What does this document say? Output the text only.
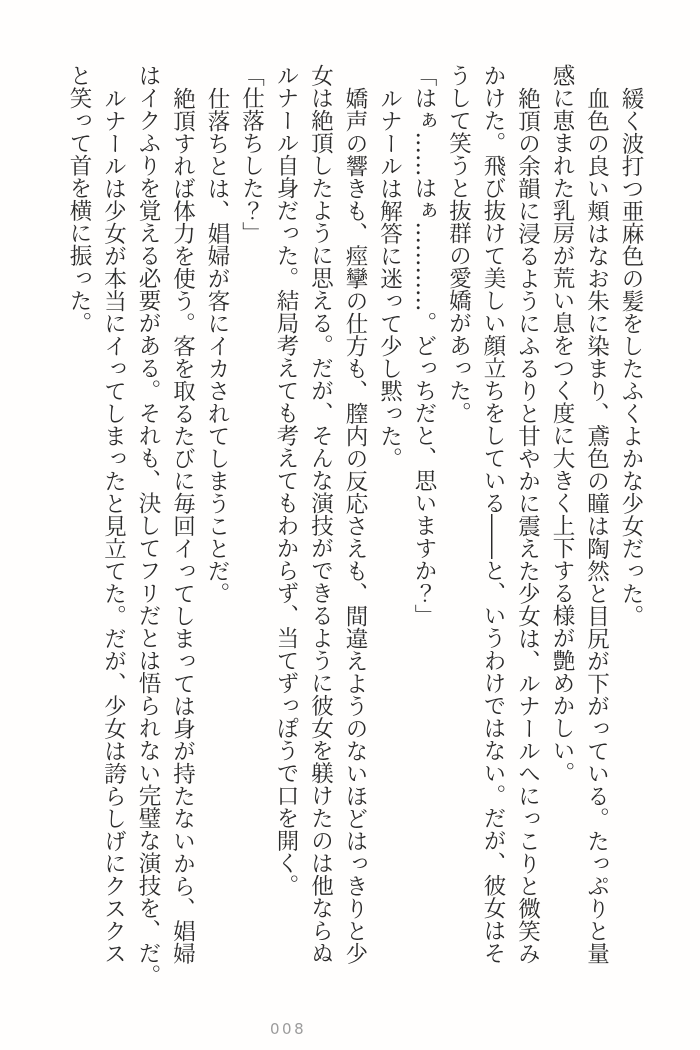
緩く波打つ亜麻色の髪をしたふくよかな少女だった。

血色の良い頬はなお朱に染まり、鳶色の瞳は陶然と目尻が下がっている。たっぷりと量

感に恵まれた乳房が荒い息をつく度に大きく上下する様が艶めかしい。

絶頂の余韻に浸るようにふるりと甘やかに震えた少女は、ルナールへにっこりと微笑み

かけた。飛び抜けて美しい顔立ちをしている――と、いうわけではない。だが、彼女はそ

うして笑うと抜群の愛嬌があった。

「はぁ……はぁ…………。どっちだと、思いますか？」

ルナールは解答に迷って少し黙った。

嬌声の響きも、痙攣の仕方も、膣内の反応さえも、間違えようのないほどはっきりと少

女は絶頂したように思える。だが、そんな演技ができるように彼女を躾けたのは他ならぬ

ルナール自身だった。結局考えても考えてもわからず、当てずっぽうで口を開く。

「仕落ちした？」

仕落ちとは、娼婦が客にイカされてしまうことだ。

絶頂すれば体力を使う。客を取るたびに毎回イってしまっては身が持たないから、娼婦

はイクふりを覚える必要がある。それも、決してフリだとは悟られない完璧な演技を、だ。

ルナールは少女が本当にイってしまったと見立てた。だが、少女は誇らしげにクスクス

と笑って首を横に振った。

008
